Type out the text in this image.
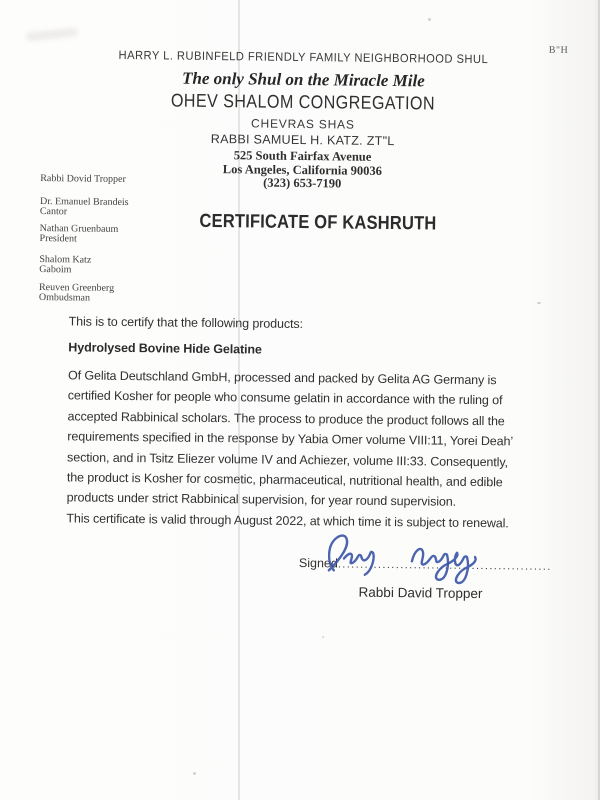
B"H
HARRY L. RUBINFELD FRIENDLY FAMILY NEIGHBORHOOD SHUL
The only Shul on the Miracle Mile
OHEV SHALOM CONGREGATION
CHEVRAS SHAS
RABBI SAMUEL H. KATZ. ZT"L
525 South Fairfax Avenue
Los Angeles, California 90036
(323) 653-7190
Rabbi Dovid Tropper
Dr. Emanuel Brandeis
Cantor
Nathan Gruenbaum
President
Shalom Katz
Gaboim
Reuven Greenberg
Ombudsman
CERTIFICATE OF KASHRUTH

This is to certify that the following products:

Hydrolysed Bovine Hide Gelatine

Of Gelita Deutschland GmbH, processed and packed by Gelita AG Germany is
certified Kosher for people who consume gelatin in accordance with the ruling of
accepted Rabbinical scholars. The process to produce the product follows all the
requirements specified in the response by Yabia Omer volume VIII:11, Yorei Deah’
section, and in Tsitz Eliezer volume IV and Achiezer, volume III:33. Consequently,
the product is Kosher for cosmetic, pharmaceutical, nutritional health, and edible
products under strict Rabbinical supervision, for year round supervision.

This certificate is valid through August 2022, at which time it is subject to renewal.

Signed................................................
Rabbi David Tropper
